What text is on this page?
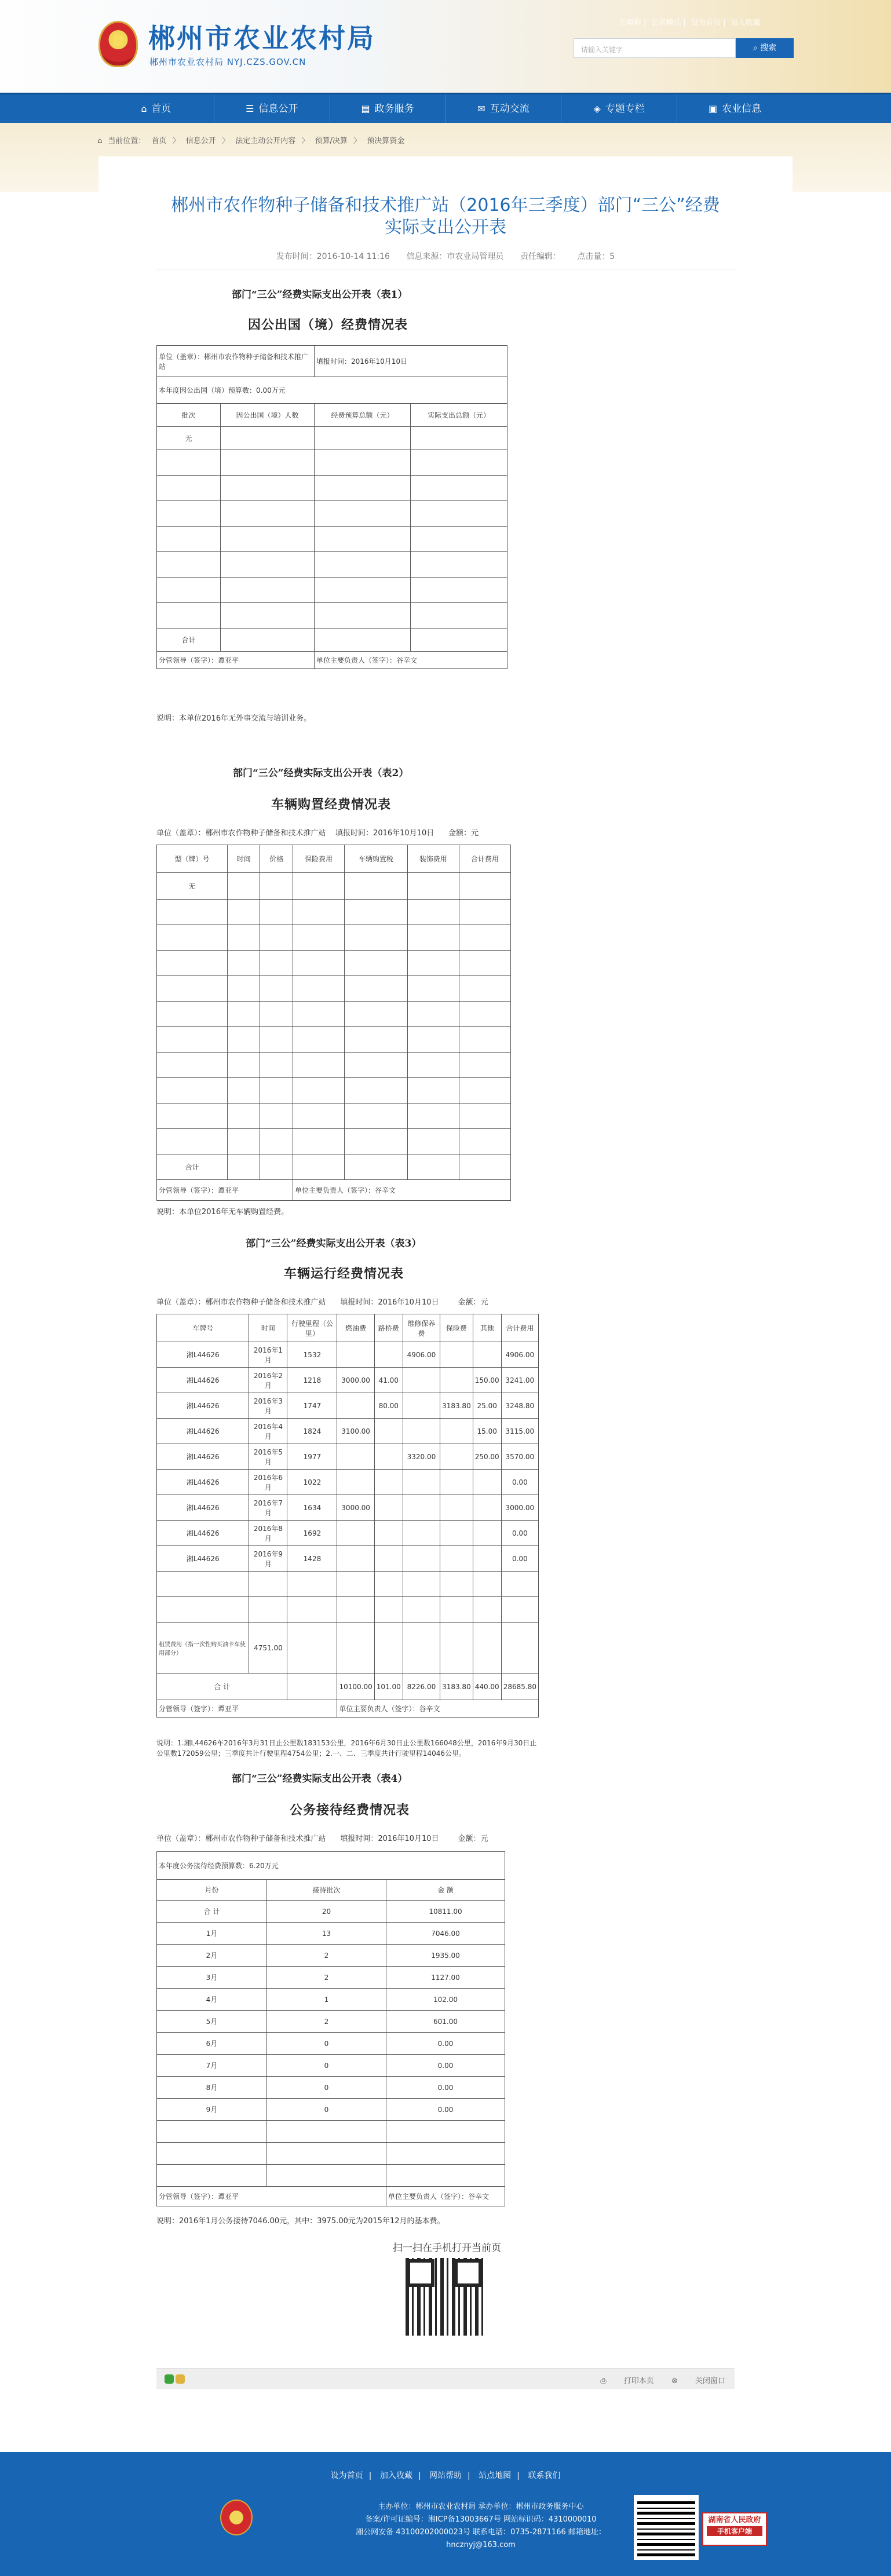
郴州市农业农村局
郴州市农业农村局 NYJ.CZS.GOV.CN
无障碍 | 长者模式 | 设为首页 | 加入收藏
请输入关键字	⌕ 搜索
⌂ 首页	☰ 信息公开	▤ 政务服务	✉ 互动交流	◈ 专题专栏	▣ 农业信息
⌂ 当前位置： 首页 〉 信息公开 〉 法定主动公开内容 〉 预算/决算 〉 预决算资金
郴州市农作物种子储备和技术推广站（2016年三季度）部门“三公”经费
实际支出公开表
发布时间：2016-10-14 11:16 信息来源：市农业局管理员 责任编辑： 点击量：5
部门“三公”经费实际支出公开表（表1）
因公出国（境）经费情况表
单位（盖章）：郴州市农作物种子储备和技术推广站		填报时间：2016年10月10日	
本年度因公出国（境）预算数：0.00万元			
批次	因公出国（境）人数	经费预算总额（元）	实际支出总额（元）
无			

合计			
分管领导（签字）：谭亚平		单位主要负责人（签字）：谷辛文	
说明：本单位2016年无外事交流与培训业务。
部门“三公”经费实际支出公开表（表2）
车辆购置经费情况表
单位（盖章）：郴州市农作物种子储备和技术推广站 填报时间：2016年10月10日 金额：元
型（牌）号	时间	价格	保险费用	车辆购置税	装饰费用	合计费用
无						

合计						
分管领导（签字）：谭亚平			单位主要负责人（签字）：谷辛文			
说明：本单位2016年无车辆购置经费。
部门“三公”经费实际支出公开表（表3）
车辆运行经费情况表
单位（盖章）：郴州市农作物种子储备和技术推广站 填报时间：2016年10月10日	金额：元
车牌号	时间	行驶里程（公里）	燃油费	路桥费	维修保养费	保险费	其他	合计费用
湘L44626	2016年1月	1532			4906.00			4906.00
湘L44626	2016年2月	1218	3000.00	41.00			150.00	3241.00
湘L44626	2016年3月	1747		80.00		3183.80	25.00	3248.80
湘L44626	2016年4月	1824	3100.00				15.00	3115.00
湘L44626	2016年5月	1977			3320.00		250.00	3570.00
湘L44626	2016年6月	1022						0.00
湘L44626	2016年7月	1634	3000.00					3000.00
湘L44626	2016年8月	1692						0.00
湘L44626	2016年9月	1428						0.00

租赁费用（指一次性购买油卡车使用部分）	4751.00							
合 计			10100.00	101.00	8226.00	3183.80	440.00	28685.80
分管领导（签字）：谭亚平			单位主要负责人（签字）：谷辛文					
说明：1.湘L44626车2016年3月31日止公里数183153公里，2016年6月30日止公里数166048公里，2016年9月30日止公里数172059公里；三季度共计行驶里程4754公里；2.一、二、三季度共计行驶里程14046公里。
部门“三公”经费实际支出公开表（表4）
公务接待经费情况表
单位（盖章）：郴州市农作物种子储备和技术推广站 填报时间：2016年10月10日	金额：元
本年度公务接待经费预算数：6.20万元		
月份	接待批次	金 额
合 计	20	10811.00
1月	13	7046.00
2月	2	1935.00
3月	2	1127.00
4月	1	102.00
5月	2	601.00
6月	0	0.00
7月	0	0.00
8月	0	0.00
9月	0	0.00

分管领导（签字）：谭亚平		单位主要负责人（签字）：谷辛文
说明：2016年1月公务接待7046.00元，其中：3975.00元为2015年12月的基本费。
扫一扫在手机打开当前页
⎙ 打印本页 ⊗ 关闭窗口
设为首页 | 加入收藏 | 网站帮助 | 站点地图 | 联系我们
主办单位：郴州市农业农村局 承办单位：郴州市政务服务中心
备案/许可证编号：湘ICP备13003667号 网站标识码：4310000010
湘公网安备 43100202000023号 联系电话：0735-2871166 邮箱地址：
hncznyj@163.com
湖南省人民政府
手机客户端
